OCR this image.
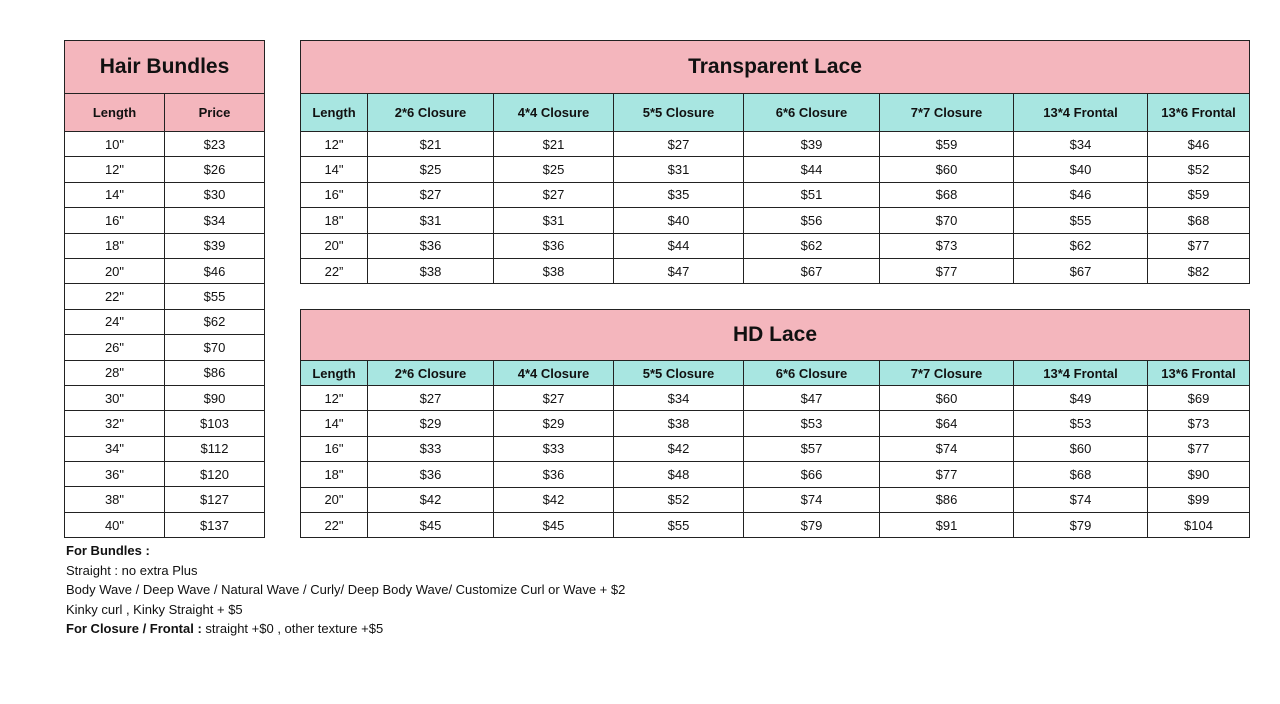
Hair Bundles	
Length	Price
10"	$23
12"	$26
14"	$30
16"	$34
18"	$39
20"	$46
22"	$55
24"	$62
26"	$70
28"	$86
30"	$90
32"	$103
34"	$112
36"	$120
38"	$127
40"	$137
Transparent Lace							
Length	2*6 Closure	4*4 Closure	5*5 Closure	6*6 Closure	7*7 Closure	13*4 Frontal	13*6 Frontal
12"	$21	$21	$27	$39	$59	$34	$46
14"	$25	$25	$31	$44	$60	$40	$52
16"	$27	$27	$35	$51	$68	$46	$59
18"	$31	$31	$40	$56	$70	$55	$68
20"	$36	$36	$44	$62	$73	$62	$77
22”	$38	$38	$47	$67	$77	$67	$82
HD Lace							
Length	2*6 Closure	4*4 Closure	5*5 Closure	6*6 Closure	7*7 Closure	13*4 Frontal	13*6 Frontal
12"	$27	$27	$34	$47	$60	$49	$69
14"	$29	$29	$38	$53	$64	$53	$73
16"	$33	$33	$42	$57	$74	$60	$77
18"	$36	$36	$48	$66	$77	$68	$90
20"	$42	$42	$52	$74	$86	$74	$99
22"	$45	$45	$55	$79	$91	$79	$104
For Bundles :
Straight : no extra Plus
Body Wave / Deep Wave / Natural Wave / Curly/ Deep Body Wave/ Customize Curl or Wave + $2
Kinky curl , Kinky Straight + $5
For Closure / Frontal : straight +$0 , other texture +$5
